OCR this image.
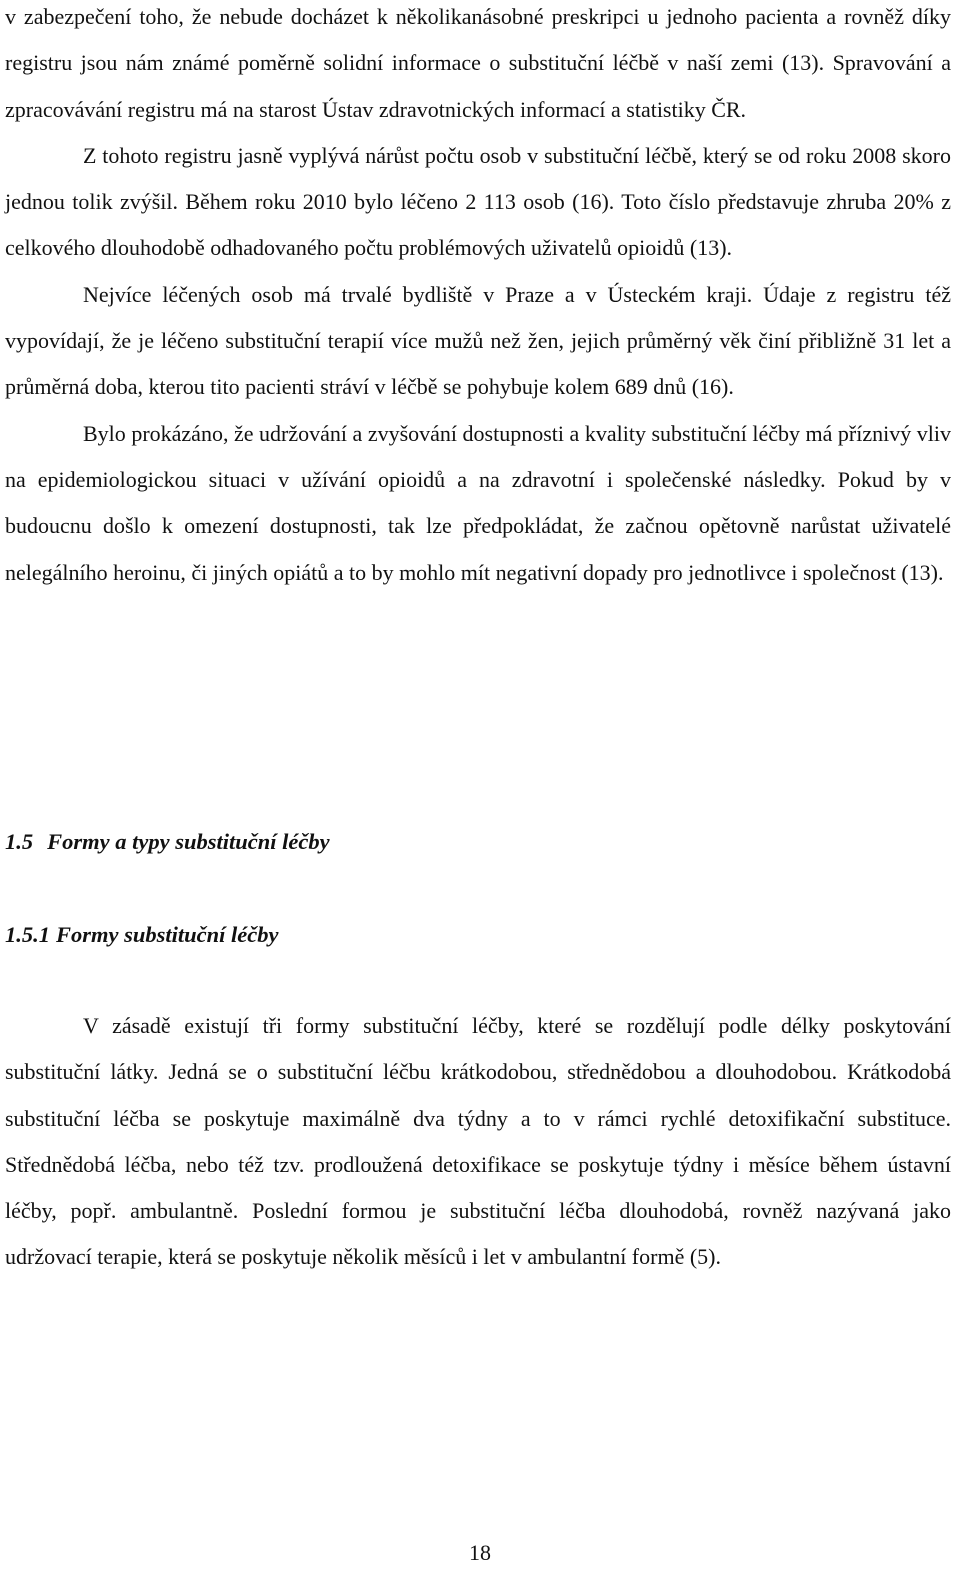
v zabezpečení toho, že nebude docházet k několikanásobné preskripci u jednoho pacienta a rovněž díky registru jsou nám známé poměrně solidní informace o substituční léčbě v naší zemi (13). Spravování a zpracovávání registru má na starost Ústav zdravotnických informací a statistiky ČR.

Z tohoto registru jasně vyplývá nárůst počtu osob v substituční léčbě, který se od roku 2008 skoro jednou tolik zvýšil. Během roku 2010 bylo léčeno 2 113 osob (16). Toto číslo představuje zhruba 20% z celkového dlouhodobě odhadovaného počtu problémových uživatelů opioidů (13).

Nejvíce léčených osob má trvalé bydliště v Praze a v Ústeckém kraji. Údaje z registru též vypovídají, že je léčeno substituční terapií více mužů než žen, jejich průměrný věk činí přibližně 31 let a průměrná doba, kterou tito pacienti stráví v léčbě se pohybuje kolem 689 dnů (16).

Bylo prokázáno, že udržování a zvyšování dostupnosti a kvality substituční léčby má příznivý vliv na epidemiologickou situaci v užívání opioidů a na zdravotní i společenské následky. Pokud by v budoucnu došlo k omezení dostupnosti, tak lze předpokládat, že začnou opětovně narůstat uživatelé nelegálního heroinu, či jiných opiátů a to by mohlo mít negativní dopady pro jednotlivce i společnost (13).

1.5 Formy a typy substituční léčby
1.5.1 Formy substituční léčby

V zásadě existují tři formy substituční léčby, které se rozdělují podle délky poskytování substituční látky. Jedná se o substituční léčbu krátkodobou, střednědobou a dlouhodobou. Krátkodobá substituční léčba se poskytuje maximálně dva týdny a to v rámci rychlé detoxifikační substituce. Střednědobá léčba, nebo též tzv. prodloužená detoxifikace se poskytuje týdny i měsíce během ústavní léčby, popř. ambulantně. Poslední formou je substituční léčba dlouhodobá, rovněž nazývaná jako udržovací terapie, která se poskytuje několik měsíců i let v ambulantní formě (5).

18
